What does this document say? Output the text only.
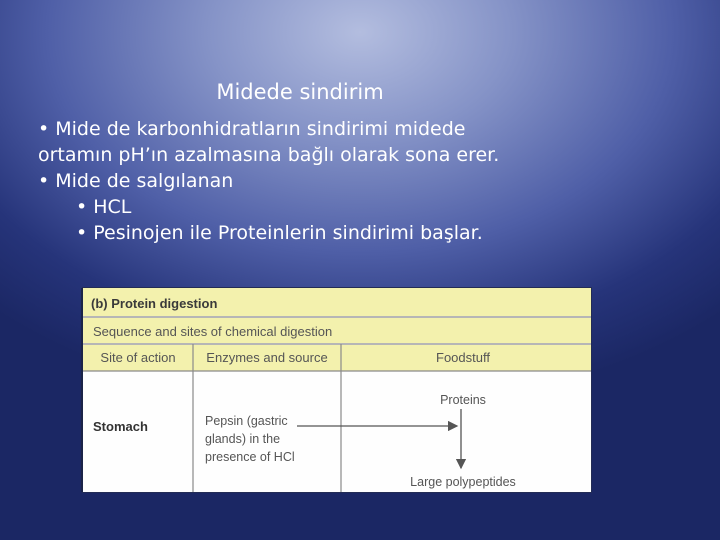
Midede sindirim
• Mide de karbonhidratların sindirimi midede
ortamın pH’ın azalmasına bağlı olarak sona erer.
• Mide de salgılanan
• HCL
• Pesinojen ile Proteinlerin sindirimi başlar.
(b) Protein digestion
Sequence and sites of chemical digestion
Site of action Enzymes and source	Foodstuff
Stomach	Pepsin (gastric
glands) in the
presence of HCl
Proteins
Large polypeptides
